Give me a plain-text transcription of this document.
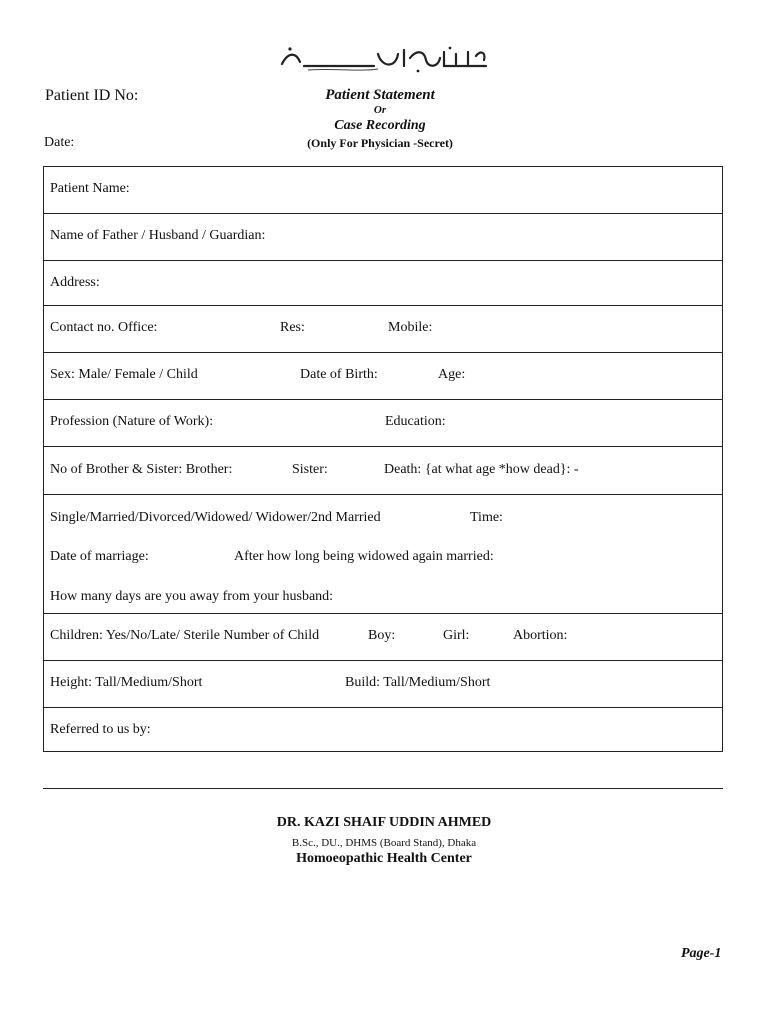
Patient ID No:
Date:
Patient Statement
Or
Case Recording
(Only For Physician -Secret)
Patient Name:
Name of Father / Husband / Guardian:
Address:
Contact no. Office:	Res:	Mobile:
Sex: Male/ Female / Child	Date of Birth:	Age:
Profession (Nature of Work):	Education:
No of Brother & Sister: Brother:	Sister:	Death: {at what age *how dead}: -
Single/Married/Divorced/Widowed/ Widower/2nd Married	Time:
Date of marriage:	After how long being widowed again married:
How many days are you away from your husband:
Children: Yes/No/Late/ Sterile Number of Child	Boy:	Girl:	Abortion:
Height: Tall/Medium/Short	Build: Tall/Medium/Short
Referred to us by:
DR. KAZI SHAIF UDDIN AHMED
B.Sc., DU., DHMS (Board Stand), Dhaka
Homoeopathic Health Center
Page-1
